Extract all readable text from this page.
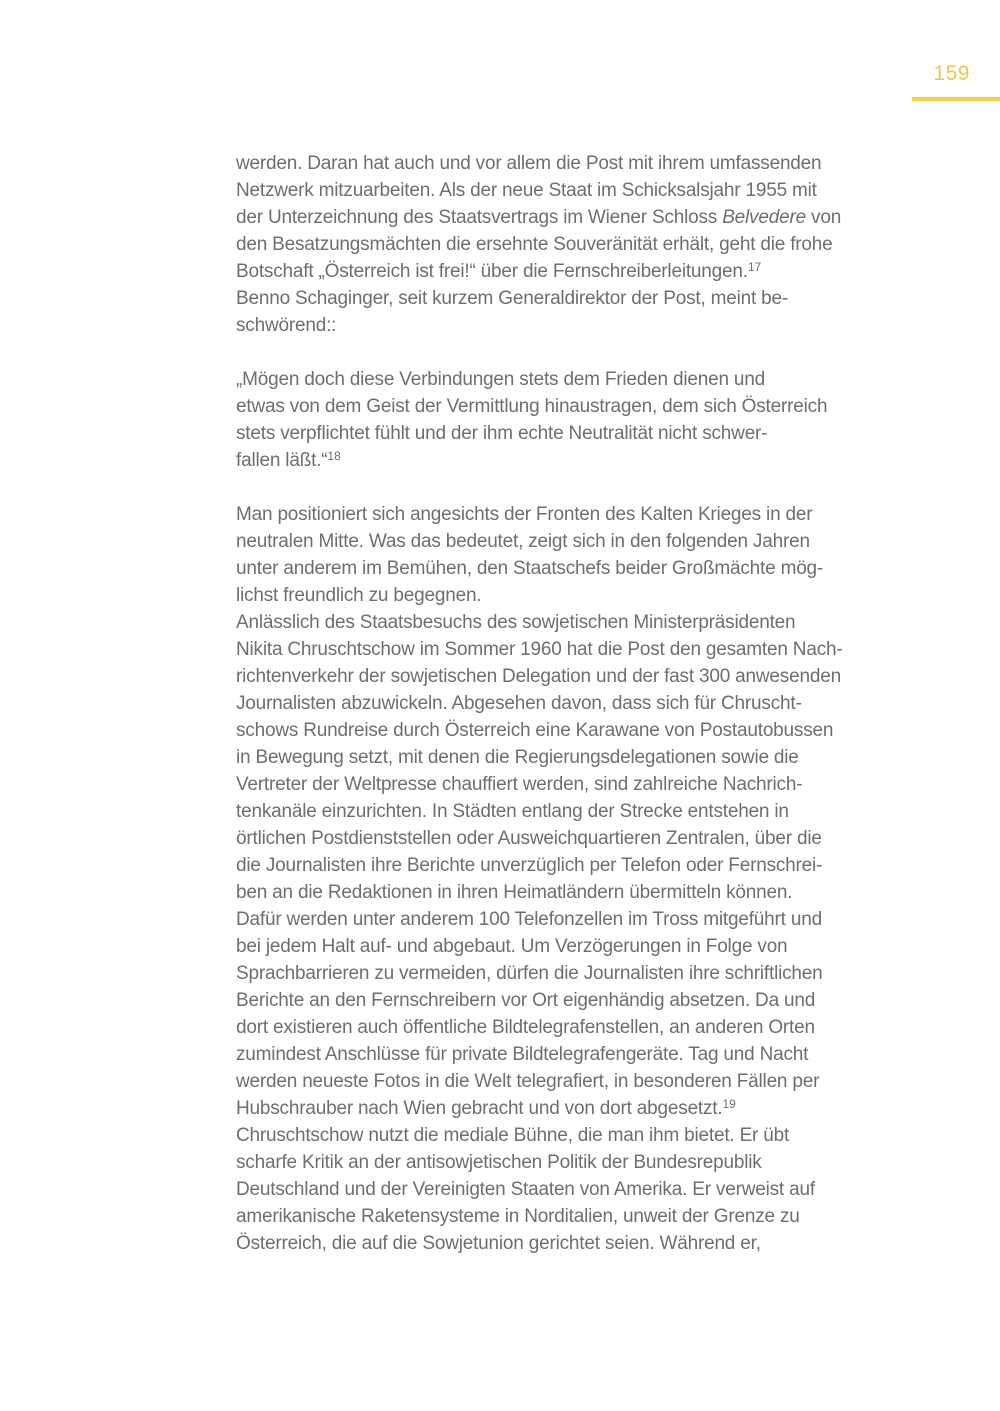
159

werden. Daran hat auch und vor allem die Post mit ihrem umfassenden
Netzwerk mitzuarbeiten. Als der neue Staat im Schicksalsjahr 1955 mit
der Unterzeichnung des Staatsvertrags im Wiener Schloss Belvedere von
den Besatzungsmächten die ersehnte Souveränität erhält, geht die frohe
Botschaft „Österreich ist frei!“ über die Fernschreiberleitungen.$^{17}$
Benno Schaginger, seit kurzem Generaldirektor der Post, meint be-
schwörend::

„Mögen doch diese Verbindungen stets dem Frieden dienen und
etwas von dem Geist der Vermittlung hinaustragen, dem sich Österreich
stets verpflichtet fühlt und der ihm echte Neutralität nicht schwer-
fallen läßt.“$^{18}$

Man positioniert sich angesichts der Fronten des Kalten Krieges in der
neutralen Mitte. Was das bedeutet, zeigt sich in den folgenden Jahren
unter anderem im Bemühen, den Staatschefs beider Großmächte mög-
lichst freundlich zu begegnen.
Anlässlich des Staatsbesuchs des sowjetischen Ministerpräsidenten
Nikita Chruschtschow im Sommer 1960 hat die Post den gesamten Nach-
richtenverkehr der sowjetischen Delegation und der fast 300 anwesenden
Journalisten abzuwickeln. Abgesehen davon, dass sich für Chruscht-
schows Rundreise durch Österreich eine Karawane von Postautobussen
in Bewegung setzt, mit denen die Regierungsdelegationen sowie die
Vertreter der Weltpresse chauffiert werden, sind zahlreiche Nachrich-
tenkanäle einzurichten. In Städten entlang der Strecke entstehen in
örtlichen Postdienststellen oder Ausweichquartieren Zentralen, über die
die Journalisten ihre Berichte unverzüglich per Telefon oder Fernschrei-
ben an die Redaktionen in ihren Heimatländern übermitteln können.
Dafür werden unter anderem 100 Telefonzellen im Tross mitgeführt und
bei jedem Halt auf- und abgebaut. Um Verzögerungen in Folge von
Sprachbarrieren zu vermeiden, dürfen die Journalisten ihre schriftlichen
Berichte an den Fernschreibern vor Ort eigenhändig absetzen. Da und
dort existieren auch öffentliche Bildtelegrafenstellen, an anderen Orten
zumindest Anschlüsse für private Bildtelegrafengeräte. Tag und Nacht
werden neueste Fotos in die Welt telegrafiert, in besonderen Fällen per
Hubschrauber nach Wien gebracht und von dort abgesetzt.$^{19}$
Chruschtschow nutzt die mediale Bühne, die man ihm bietet. Er übt
scharfe Kritik an der antisowjetischen Politik der Bundesrepublik
Deutschland und der Vereinigten Staaten von Amerika. Er verweist auf
amerikanische Raketensysteme in Norditalien, unweit der Grenze zu
Österreich, die auf die Sowjetunion gerichtet seien. Während er,
